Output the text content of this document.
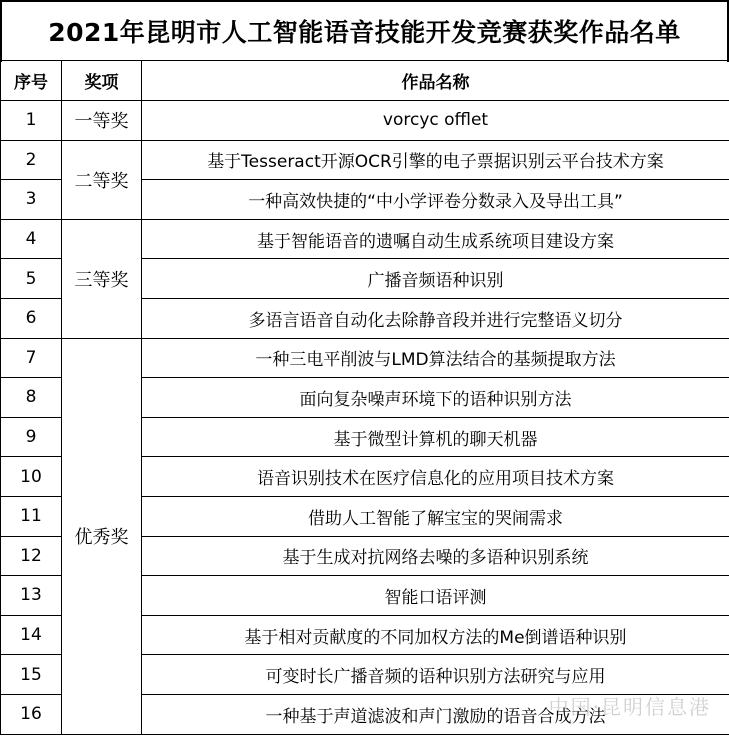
2021年昆明市人工智能语音技能开发竞赛获奖作品名单
序号	奖项	作品名称
1	一等奖	vorcyc offlet
2	二等奖	基于Tesseract开源OCR引擎的电子票据识别云平台技术方案
3		一种高效快捷的“中小学评卷分数录入及导出工具”
4	三等奖	基于智能语音的遗嘱自动生成系统项目建设方案
5		广播音频语种识别
6		多语言语音自动化去除静音段并进行完整语义切分
7	优秀奖	一种三电平削波与LMD算法结合的基频提取方法
8		面向复杂噪声环境下的语种识别方法
9		基于微型计算机的聊天机器
10		语音识别技术在医疗信息化的应用项目技术方案
11		借助人工智能了解宝宝的哭闹需求
12		基于生成对抗网络去噪的多语种识别系统
13		智能口语评测
14		基于相对贡献度的不同加权方法的Me倒谱语种识别
15		可变时长广播音频的语种识别方法研究与应用
16		一种基于声道滤波和声门激励的语音合成方法
中国·昆明信息港
